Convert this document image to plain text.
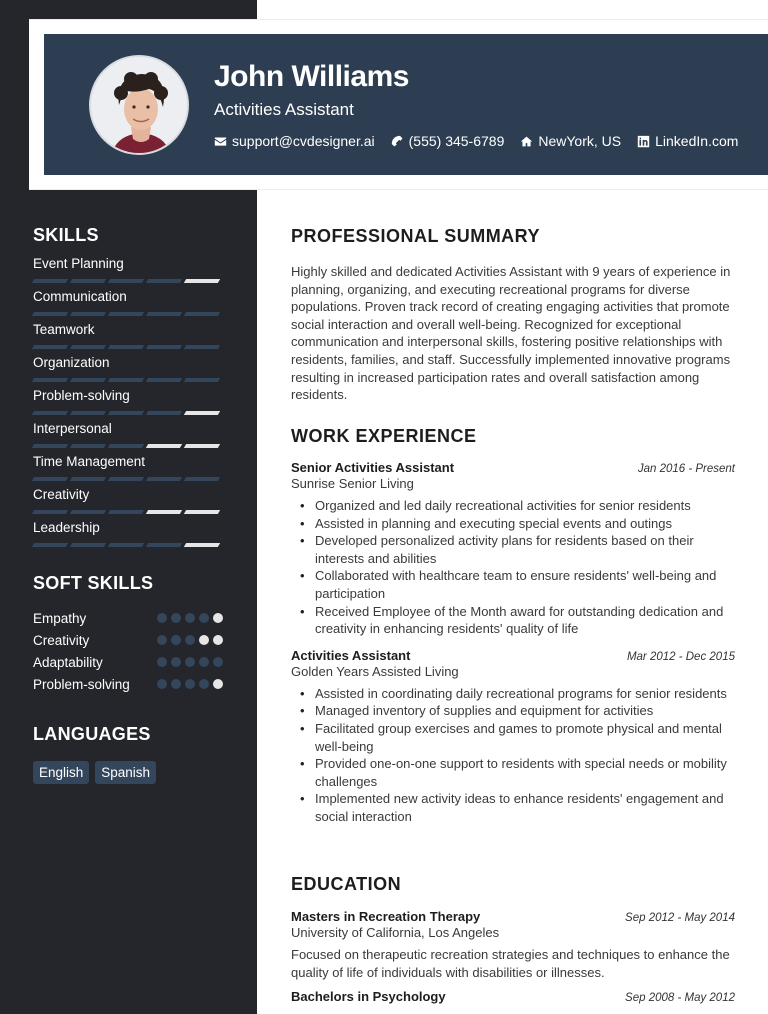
John Williams
Activities Assistant
support@cvdesigner.ai (555) 345-6789 NewYork, US LinkedIn.com
SKILLS
Event Planning
Communication
Teamwork
Organization
Problem-solving
Interpersonal
Time Management
Creativity
Leadership
SOFT SKILLS
Empathy
Creativity
Adaptability
Problem-solving
LANGUAGES
English	Spanish
PROFESSIONAL SUMMARY

Highly skilled and dedicated Activities Assistant with 9 years of experience in planning, organizing, and executing recreational programs for diverse populations. Proven track record of creating engaging activities that promote social interaction and overall well-being. Recognized for exceptional communication and interpersonal skills, fostering positive relationships with residents, families, and staff. Successfully implemented innovative programs resulting in increased participation rates and overall satisfaction among residents.

WORK EXPERIENCE
Senior Activities Assistant	Jan 2016 - Present
Sunrise Senior Living
• Organized and led daily recreational activities for senior residents
• Assisted in planning and executing special events and outings
• Developed personalized activity plans for residents based on their interests and abilities
• Collaborated with healthcare team to ensure residents' well-being and participation
• Received Employee of the Month award for outstanding dedication and creativity in enhancing residents' quality of life
Activities Assistant	Mar 2012 - Dec 2015
Golden Years Assisted Living
• Assisted in coordinating daily recreational programs for senior residents
• Managed inventory of supplies and equipment for activities
• Facilitated group exercises and games to promote physical and mental well-being
• Provided one-on-one support to residents with special needs or mobility challenges
• Implemented new activity ideas to enhance residents' engagement and social interaction
EDUCATION
Masters in Recreation Therapy	Sep 2012 - May 2014
University of California, Los Angeles

Focused on therapeutic recreation strategies and techniques to enhance the quality of life of individuals with disabilities or illnesses.

Bachelors in Psychology	Sep 2008 - May 2012
